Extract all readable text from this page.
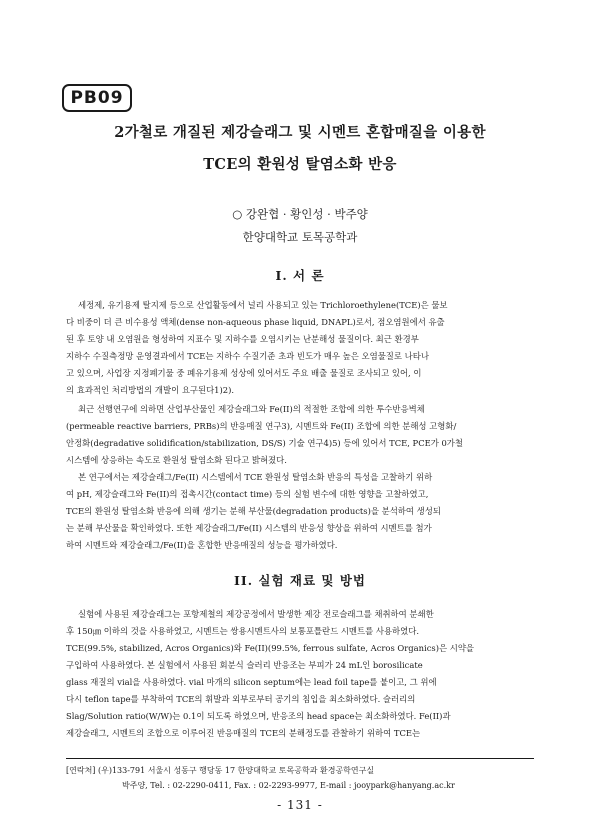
PB09
2가철로 개질된 제강슬래그 및 시멘트 혼합매질을 이용한
TCE의 환원성 탈염소화 반응
○ 강완협 · 황인성 · 박주양
한양대학교 토목공학과
I. 서 론
세정제, 유기용제 탈지제 등으로 산업활동에서 널리 사용되고 있는 Trichloroethylene(TCE)은 물보
다 비중이 더 큰 비수용성 액체(dense non-aqueous phase liquid, DNAPL)로서, 점오염원에서 유출
된 후 토양 내 오염원을 형성하여 지표수 및 지하수를 오염시키는 난분해성 물질이다. 최근 환경부
지하수 수질측정망 운영결과에서 TCE는 지하수 수질기준 초과 빈도가 매우 높은 오염물질로 나타나
고 있으며, 사업장 지정폐기물 중 폐유기용제 성상에 있어서도 주요 배출 물질로 조사되고 있어, 이
의 효과적인 처리방법의 개발이 요구된다1)2).
최근 선행연구에 의하면 산업부산물인 제강슬래그와 Fe(II)의 적절한 조합에 의한 투수반응벽체
(permeable reactive barriers, PRBs)의 반응매질 연구3), 시멘트와 Fe(II) 조합에 의한 분해성 고형화/
안정화(degradative solidification/stabilization, DS/S) 기술 연구4)5) 등에 있어서 TCE, PCE가 0가철
시스템에 상응하는 속도로 환원성 탈염소화 된다고 밝혀졌다.
본 연구에서는 제강슬래그/Fe(II) 시스템에서 TCE 환원성 탈염소화 반응의 특성을 고찰하기 위하
여 pH, 제강슬래그와 Fe(II)의 접촉시간(contact time) 등의 실험 변수에 대한 영향을 고찰하였고,
TCE의 환원성 탈염소화 반응에 의해 생기는 분해 부산물(degradation products)을 분석하여 생성되
는 분해 부산물을 확인하였다. 또한 제강슬래그/Fe(II) 시스템의 반응성 향상을 위하여 시멘트를 첨가
하여 시멘트와 제강슬래그/Fe(II)을 혼합한 반응매질의 성능을 평가하였다.
II. 실험 재료 및 방법
실험에 사용된 제강슬래그는 포항제철의 제강공정에서 발생한 제강 전로슬래그를 채취하여 분쇄한
후 150㎛ 이하의 것을 사용하였고, 시멘트는 쌍용시멘트사의 보통포틀란드 시멘트를 사용하였다.
TCE(99.5%, stabilized, Acros Organics)와 Fe(II)(99.5%, ferrous sulfate, Acros Organics)은 시약을
구입하여 사용하였다. 본 실험에서 사용된 회분식 슬러리 반응조는 부피가 24 mL인 borosilicate
glass 재질의 vial을 사용하였다. vial 마개의 silicon septum에는 lead foil tape를 붙이고, 그 위에
다시 teflon tape를 부착하여 TCE의 휘발과 외부로부터 공기의 침입을 최소화하였다. 슬러리의
Slag/Solution ratio(W/W)는 0.1이 되도록 하였으며, 반응조의 head space는 최소화하였다. Fe(II)과
제강슬래그, 시멘트의 조합으로 이루어진 반응매질의 TCE의 분해정도를 관찰하기 위하여 TCE는
[연락처] (우)133-791 서울시 성동구 행당동 17 한양대학교 토목공학과 환경공학연구실
박주양, Tel. : 02-2290-0411, Fax. : 02-2293-9977, E-mail : jooypark@hanyang.ac.kr
- 131 -
